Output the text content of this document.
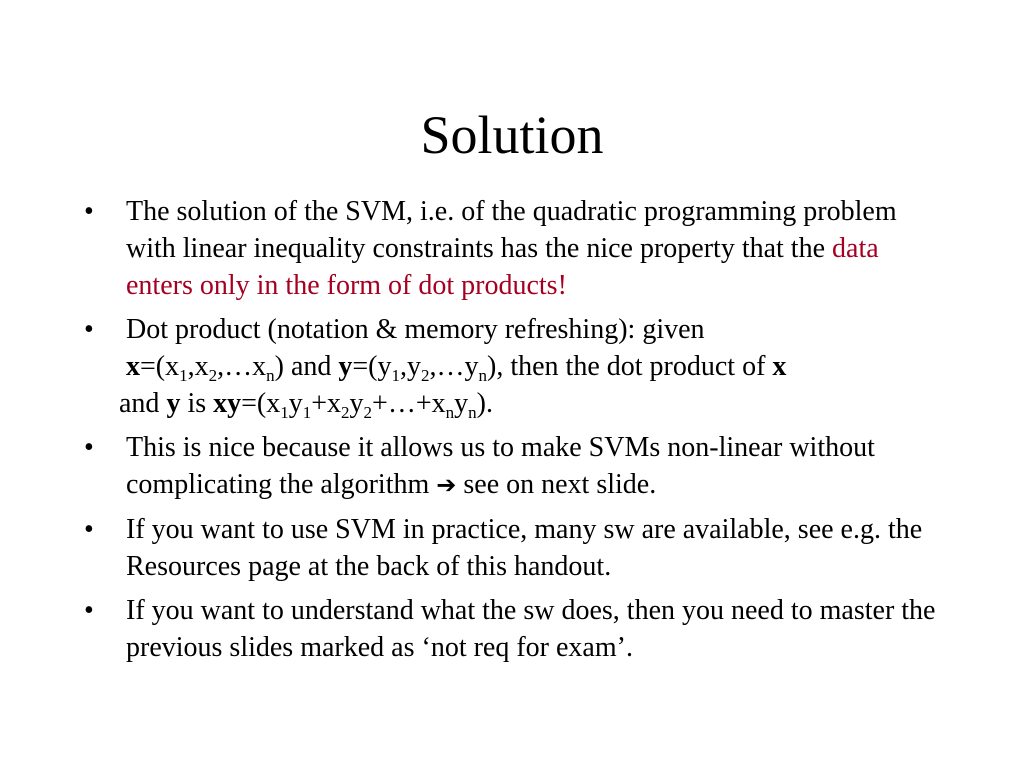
Solution
• The solution of the SVM, i.e. of the quadratic programming problem with linear inequality constraints has the nice property that the data enters only in the form of dot products!
• Dot product (notation & memory refreshing): given
$x=(x_1,x_2,\dots x_n)$ and $y=(y_1,y_2,\dots y_n)$, then the dot product of x
and y is $xy=(x_1y_1+x_2y_2+\dots+x_ny_n)$.
• This is nice because it allows us to make SVMs non-linear without complicating the algorithm ➔ see on next slide.
• If you want to use SVM in practice, many sw are available, see e.g. the Resources page at the back of this handout.
• If you want to understand what the sw does, then you need to master the previous slides marked as ‘not req for exam’.
